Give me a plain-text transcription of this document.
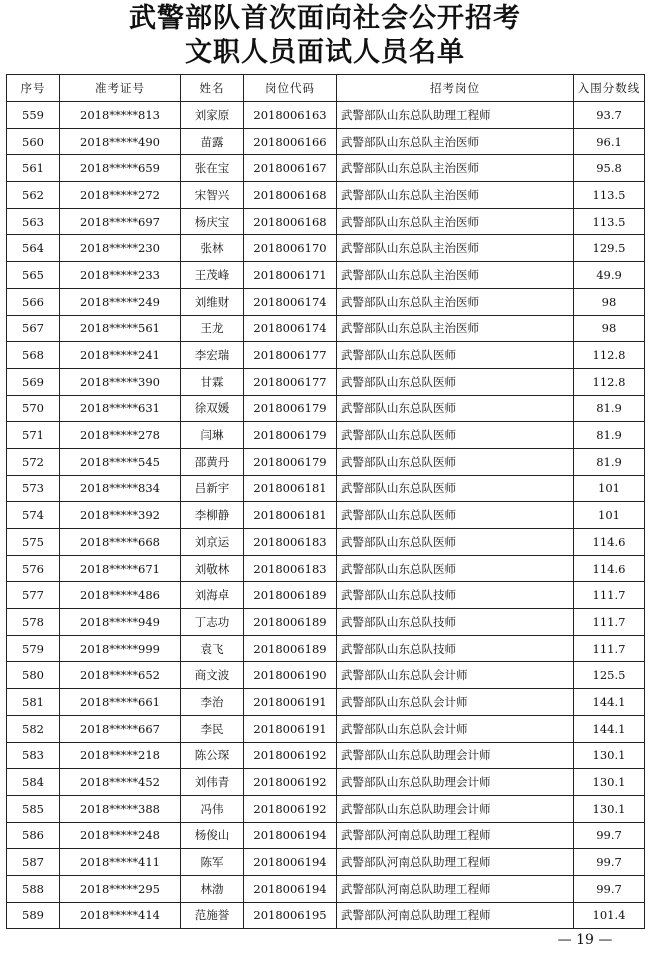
武警部队首次面向社会公开招考
文职人员面试人员名单
序号	准考证号	姓名	岗位代码	招考岗位	入围分数线
559	2018*****813	刘家原	2018006163	武警部队山东总队助理工程师	93.7
560	2018*****490	苗露	2018006166	武警部队山东总队主治医师	96.1
561	2018*****659	张在宝	2018006167	武警部队山东总队主治医师	95.8
562	2018*****272	宋智兴	2018006168	武警部队山东总队主治医师	113.5
563	2018*****697	杨庆宝	2018006168	武警部队山东总队主治医师	113.5
564	2018*****230	张林	2018006170	武警部队山东总队主治医师	129.5
565	2018*****233	王茂峰	2018006171	武警部队山东总队主治医师	49.9
566	2018*****249	刘维财	2018006174	武警部队山东总队主治医师	98
567	2018*****561	王龙	2018006174	武警部队山东总队主治医师	98
568	2018*****241	李宏瑞	2018006177	武警部队山东总队医师	112.8
569	2018*****390	甘霖	2018006177	武警部队山东总队医师	112.8
570	2018*****631	徐双媛	2018006179	武警部队山东总队医师	81.9
571	2018*****278	闫琳	2018006179	武警部队山东总队医师	81.9
572	2018*****545	邵黄丹	2018006179	武警部队山东总队医师	81.9
573	2018*****834	吕新宇	2018006181	武警部队山东总队医师	101
574	2018*****392	李柳静	2018006181	武警部队山东总队医师	101
575	2018*****668	刘京运	2018006183	武警部队山东总队医师	114.6
576	2018*****671	刘敬林	2018006183	武警部队山东总队医师	114.6
577	2018*****486	刘海卓	2018006189	武警部队山东总队技师	111.7
578	2018*****949	丁志功	2018006189	武警部队山东总队技师	111.7
579	2018*****999	袁飞	2018006189	武警部队山东总队技师	111.7
580	2018*****652	商文波	2018006190	武警部队山东总队会计师	125.5
581	2018*****661	李治	2018006191	武警部队山东总队会计师	144.1
582	2018*****667	李民	2018006191	武警部队山东总队会计师	144.1
583	2018*****218	陈公琛	2018006192	武警部队山东总队助理会计师	130.1
584	2018*****452	刘伟青	2018006192	武警部队山东总队助理会计师	130.1
585	2018*****388	冯伟	2018006192	武警部队山东总队助理会计师	130.1
586	2018*****248	杨俊山	2018006194	武警部队河南总队助理工程师	99.7
587	2018*****411	陈军	2018006194	武警部队河南总队助理工程师	99.7
588	2018*****295	林渤	2018006194	武警部队河南总队助理工程师	99.7
589	2018*****414	范施誉	2018006195	武警部队河南总队助理工程师	101.4
— 19 —
